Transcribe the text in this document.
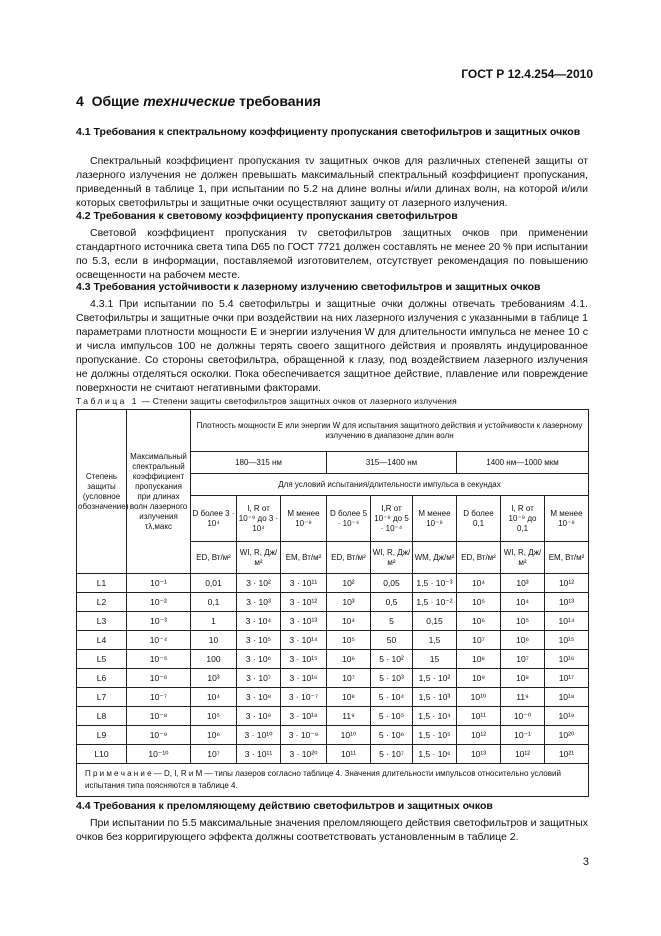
ГОСТ Р 12.4.254—2010
4 Общие технические требования
4.1 Требования к спектральному коэффициенту пропускания светофильтров и защитных очков
Спектральный коэффициент пропускания τν защитных очков для различных степеней защиты от лазерного излучения не должен превышать максимальный спектральный коэффициент пропускания, приведенный в таблице 1, при испытании по 5.2 на длине волны и/или длинах волн, на которой и/или которых светофильтры и защитные очки осуществляют защиту от лазерного излучения.
4.2 Требования к световому коэффициенту пропускания светофильтров
Световой коэффициент пропускания τν светофильтров защитных очков при применении стандартного источника света типа D65 по ГОСТ 7721 должен составлять не менее 20 % при испытании по 5.3, если в информации, поставляемой изготовителем, отсутствует рекомендация по повышению освещенности на рабочем месте.
4.3 Требования устойчивости к лазерному излучению светофильтров и защитных очков
4.3.1 При испытании по 5.4 светофильтры и защитные очки должны отвечать требованиям 4.1. Светофильтры и защитные очки при воздействии на них лазерного излучения с указанными в таблице 1 параметрами плотности мощности E и энергии излучения W для длительности импульса не менее 10 с и числа импульсов 100 не должны терять своего защитного действия и проявлять индуцированное пропускание. Со стороны светофильтра, обращенной к глазу, под воздействием лазерного излучения не должны отделяться осколки. Пока обеспечивается защитное действие, плавление или повреждение поверхности не считают негативными факторами.
Таблица 1 — Степени защиты светофильтров защитных очков от лазерного излучения
Степень защиты (условное обозначение)	Максимальный спектральный коэффициент пропускания при длинах волн лазерного излучения τλ,макс	Плотность мощности E или энергии W для испытания защитного действия и устойчивости к лазерному излучению в диапазоне длин волн								
		180—315 нм			315—1400 нм			1400 нм—1000 мкм		
		Для условий испытания/длительности импульса в секундах								
		D более 3 · 10⁴	I, R от 10⁻⁹ до 3 · 10⁴	M менее 10⁻⁹	D более 5 · 10⁻⁴	I,R от 10⁻⁹ до 5 · 10⁻⁴	M менее 10⁻⁹	D более 0,1	I, R от 10⁻⁹ до 0,1	M менее 10⁻⁹
		ED, Вт/м²	WI, R, Дж/м²	EM, Вт/м²	ED, Вт/м²	WI, R, Дж/м²	WM, Дж/м²	ED, Вт/м²	WI, R, Дж/м²	EM, Вт/м²
L1	10⁻¹	0,01	3 · 10²	3 · 10¹¹	10²	0,05	1,5 · 10⁻³	10⁴	10³	10¹²
L2	10⁻²	0,1	3 · 10³	3 · 10¹²	10³	0,5	1,5 · 10⁻²	10⁵	10⁴	10¹³
L3	10⁻³	1	3 · 10⁴	3 · 10¹³	10⁴	5	0,15	10⁶	10⁵	10¹⁴
L4	10⁻⁴	10	3 · 10⁵	3 · 10¹⁴	10⁵	50	1,5	10⁷	10⁶	10¹⁵
L5	10⁻⁵	100	3 · 10⁶	3 · 10¹⁵	10⁶	5 · 10²	15	10⁸	10⁷	10¹⁶
L6	10⁻⁶	10³	3 · 10⁷	3 · 10¹⁶	10⁷	5 · 10³	1,5 · 10²	10⁹	10⁸	10¹⁷
L7	10⁻⁷	10⁴	3 · 10⁸	3 · 10⁻⁷	10⁸	5 · 10⁴	1,5 · 10³	10¹⁰	11⁹	10¹⁸
L8	10⁻⁸	10⁵	3 · 10⁹	3 · 10¹⁸	11⁹	5 · 10⁵	1,5 · 10⁴	10¹¹	10⁻⁰	10¹⁹
L9	10⁻⁹	10⁶	3 · 10¹⁰	3 · 10⁻⁹	10¹⁰	5 · 10⁶	1,5 · 10⁵	10¹²	10⁻¹	10²⁰
L10	10⁻¹⁰	10⁷	3 · 10¹¹	3 · 10²⁰	10¹¹	5 · 10⁷	1,5 · 10⁶	10¹³	10¹²	10²¹
П р и м е ч а н и е — D, I, R и M — типы лазеров согласно таблице 4. Значения длительности импульсов относительно условий испытания типа поясняются в таблице 4.										
4.4 Требования к преломляющему действию светофильтров и защитных очков
При испытании по 5.5 максимальные значения преломляющего действия светофильтров и защитных очков без корригирующего эффекта должны соответствовать установленным в таблице 2.
3
